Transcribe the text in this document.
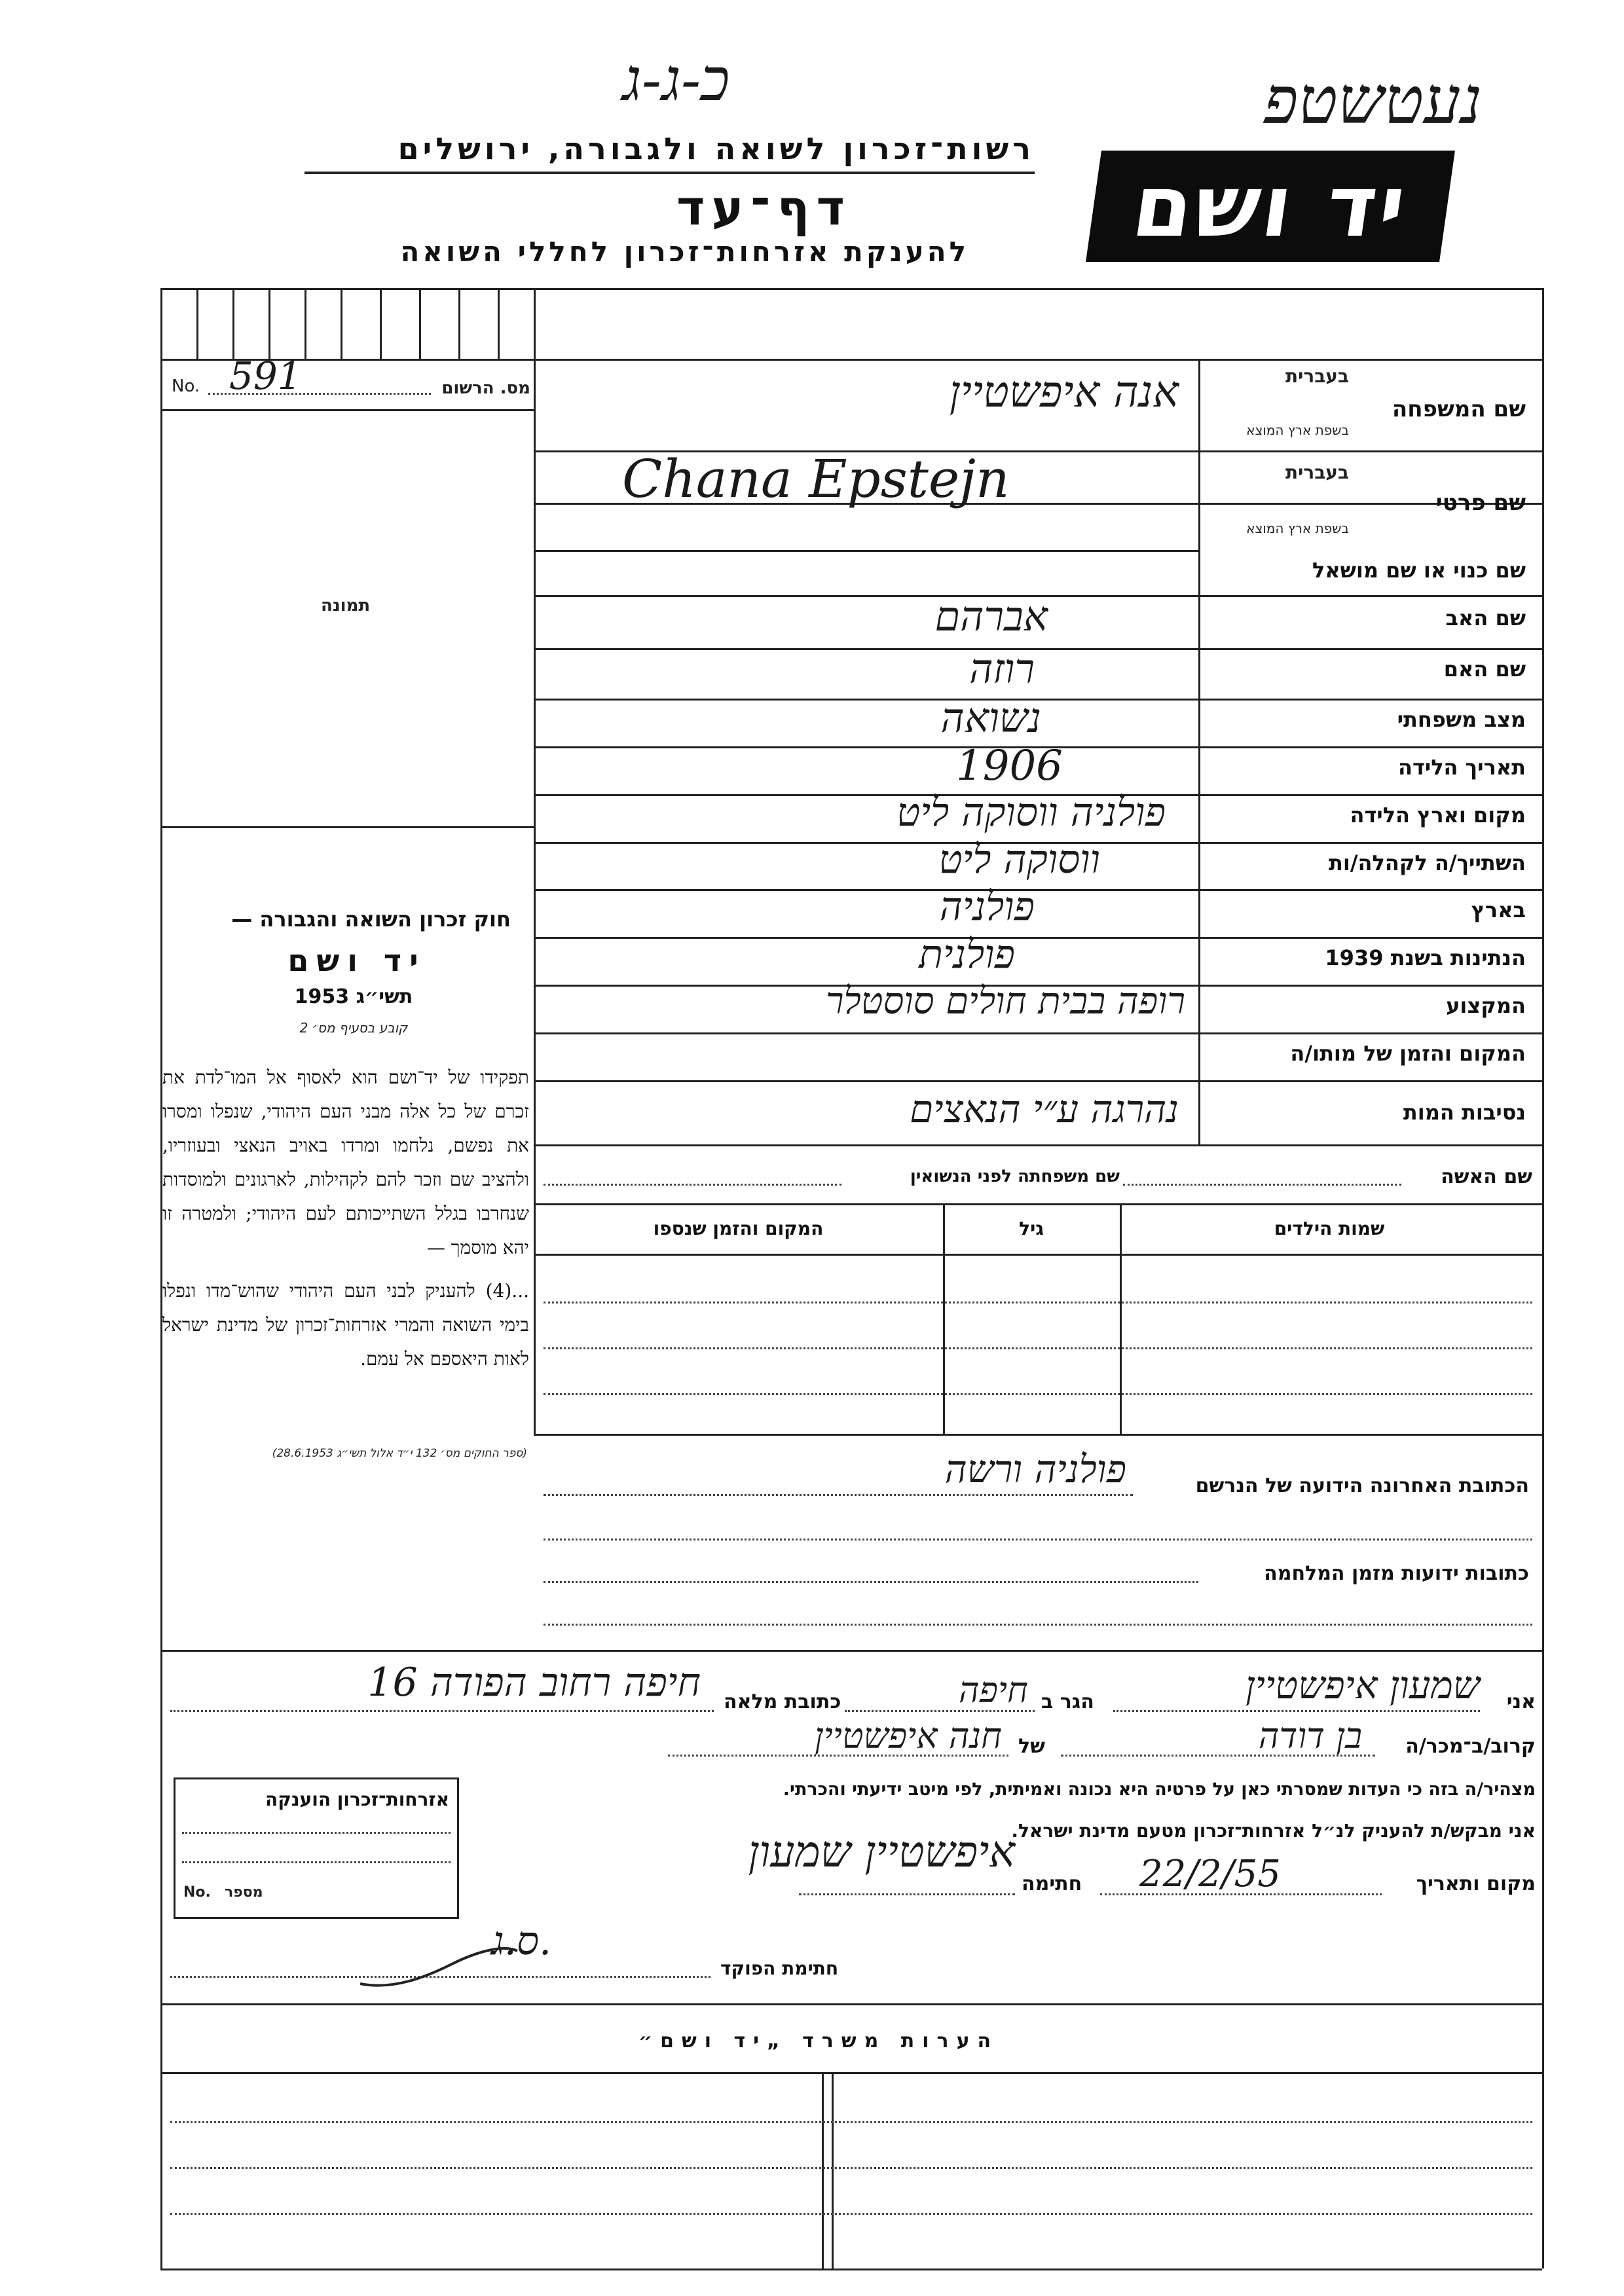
כ-ג-ג	נעטשטפ
רשות־זכרון לשואה ולגבורה, ירושלים
דף־עד
להענקת אזרחות־זכרון לחללי השואה יד ושם
No. 591	מס. הרשום
תמונה
שם המשפחה
בעברית
בשפת ארץ המוצא
אנה איפשטיין
שם פרטי
בעברית
בשפת ארץ המוצא
Chana Epstejn
שם כנוי או שם מושאל
שם האב
אברהם
שם האם
רוזה
מצב משפחתי
נשואה
תאריך הלידה
1906
מקום וארץ הלידה
פולניה ווסוקה ליט
השתייך/ה לקהלה/ות
ווסוקה ליט
בארץ
פולניה
הנתינות בשנת 1939
פולנית
המקצוע
רופה בבית חולים סוסטלר
המקום והזמן של מותו/ה
נסיבות המות
נהרגה ע״י הנאצים
חוק זכרון השואה והגבורה —
יד ושם
תשי״ג 1953
קובע בסעיף מס׳ 2
תפקידו של יד־ושם הוא לאסוף אל המו־לדת את זכרם של כל אלה מבני העם היהודי, שנפלו ומסרו את נפשם, נלחמו ומרדו באויב הנאצי ובעוזריו, ולהציב שם וזכר להם לקהילות, לארגונים ולמוסדות שנחרבו בגלל השתייכותם לעם היהודי; ולמטרה זו יהא מוסמך —
...(4) להעניק לבני העם היהודי שהוש־מדו ונפלו בימי השואה והמרי אזרחות־זכרון של מדינת ישראל לאות היאספם אל עמם.
(ספר החוקים מס׳ 132 י״ד אלול תשי״ג 28.6.1953)
שם האשה
שם משפחתה לפני הנשואין
שמות הילדים
גיל
המקום והזמן שנספו
הכתובת האחרונה הידועה של הנרשם
פולניה ורשה
כתובות ידועות מזמן המלחמה
אני
שמעון איפשטיין
הגר ב
חיפה
כתובת מלאה
חיפה רחוב הפודה 16
קרוב/ב־מכר/ה
בן דודה
של
חנה איפשטיין
מצהיר/ה בזה כי העדות שמסרתי כאן על פרטיה היא נכונה ואמיתית, לפי מיטב ידיעתי והכרתי.
אני מבקש/ת להעניק לנ״ל אזרחות־זכרון מטעם מדינת ישראל.
מקום ותאריך
22/2/55
חתימה
איפשטיין שמעון
חתימת הפוקד
ס.ג.
אזרחות־זכרון הוענקה
No. מספר
הערות משרד „יד ושם״
